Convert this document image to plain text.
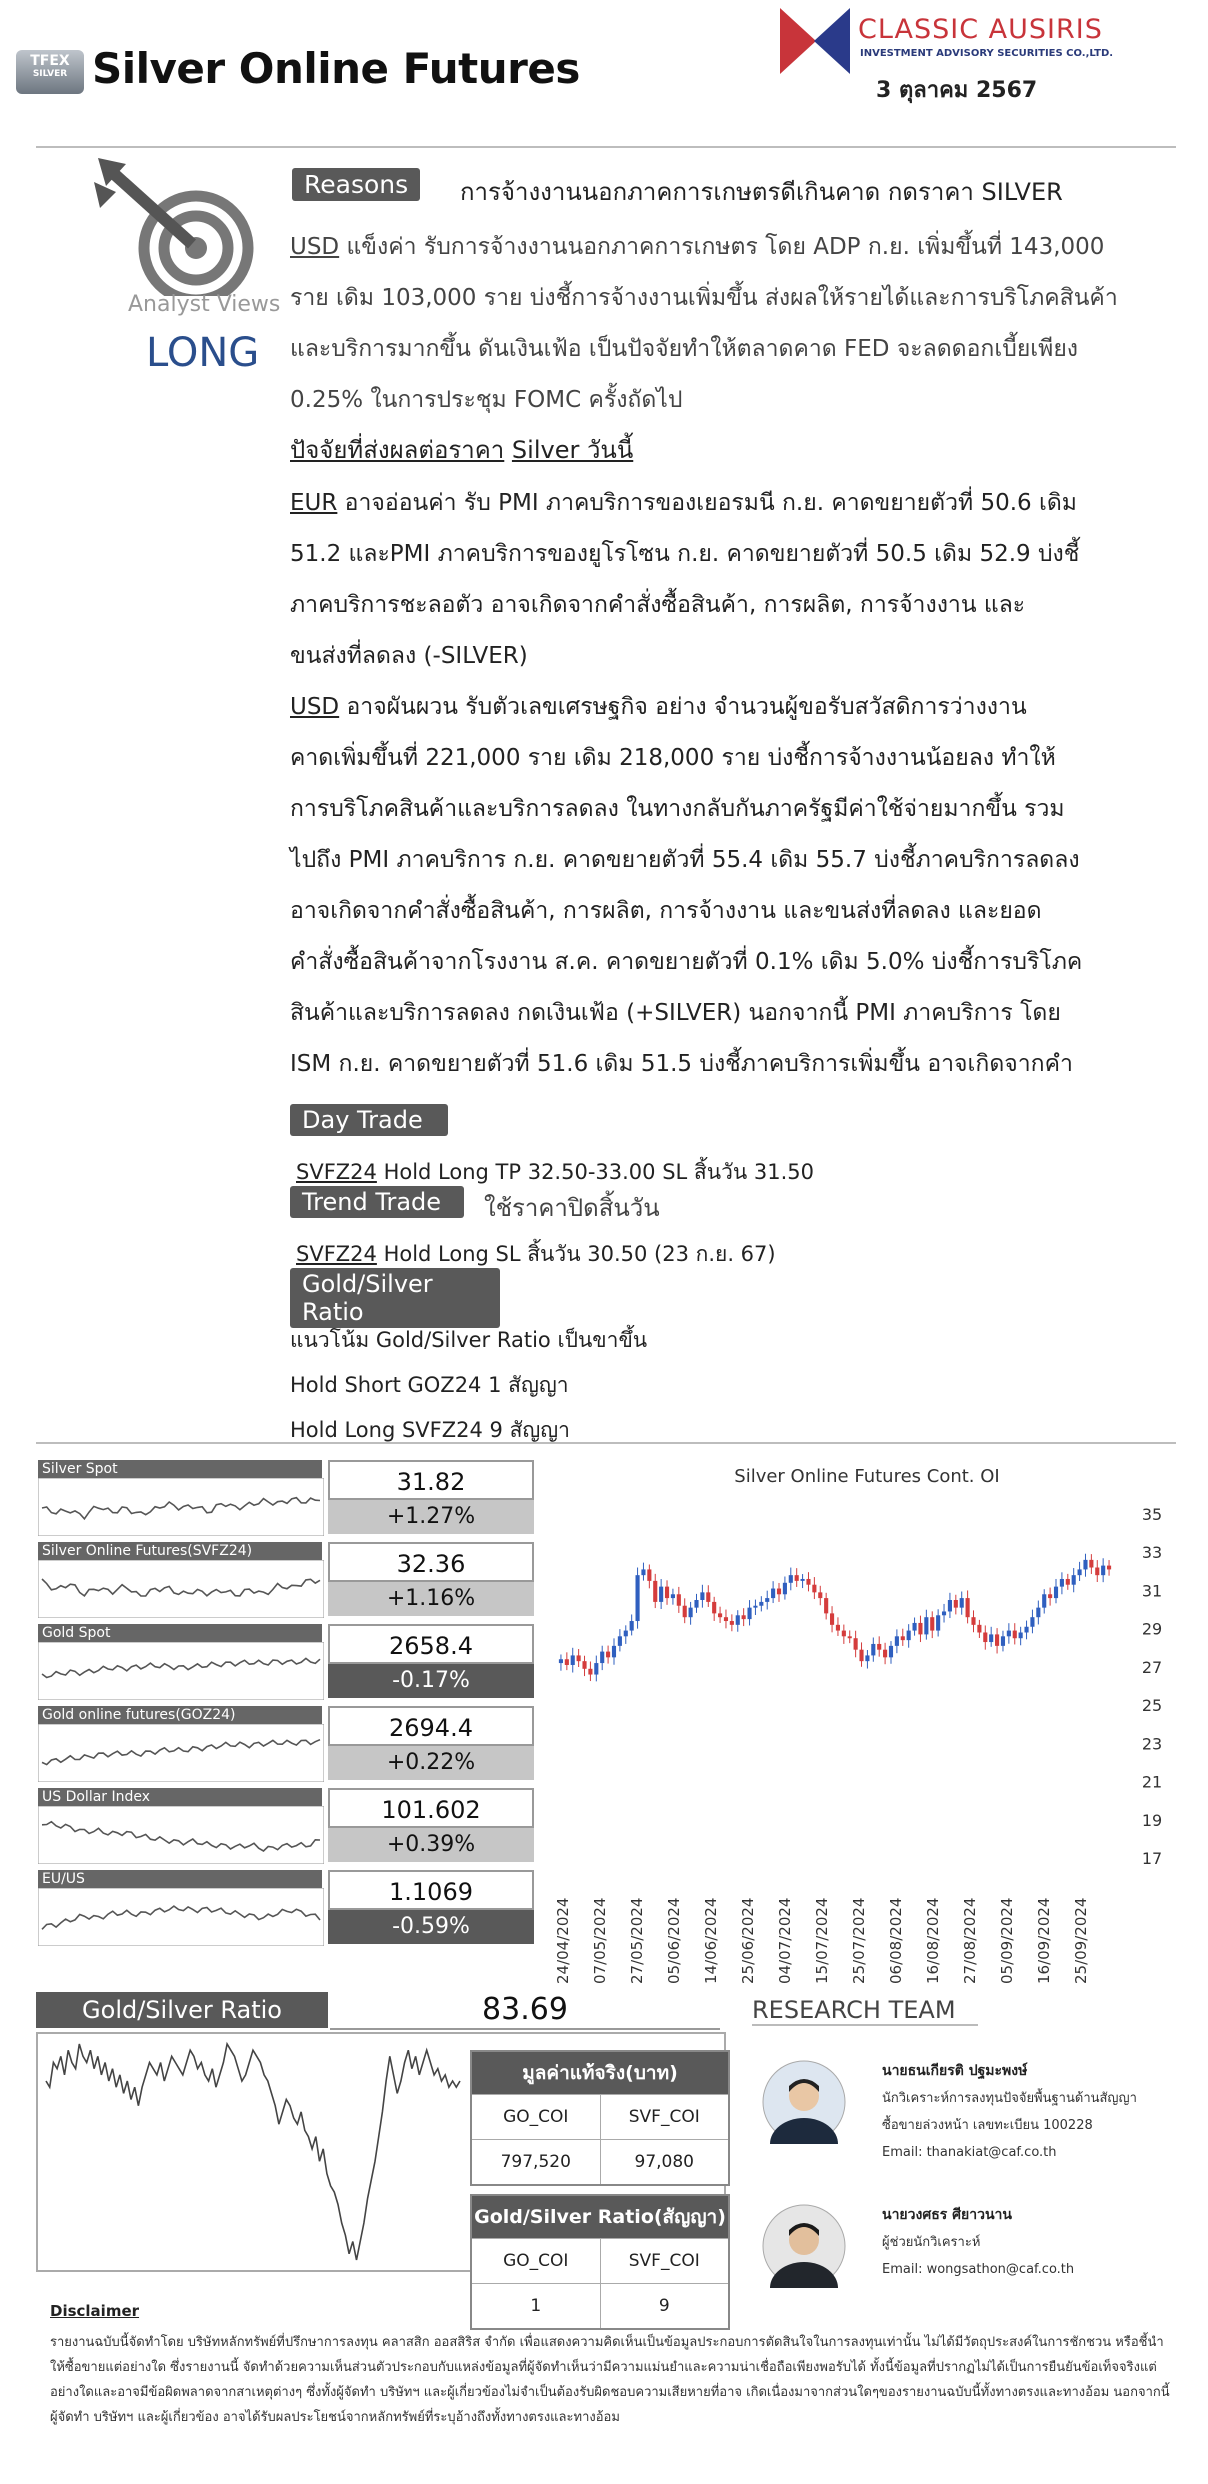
TFEX
SILVER Silver Online Futures
CLASSIC AUSIRIS
INVESTMENT ADVISORY SECURITIES CO.,LTD.
3 ตุลาคม 2567
Analyst Views
LONG
Reasons	การจ้างงานนอกภาคการเกษตรดีเกินคาด กดราคา SILVER
USD แข็งค่า รับการจ้างงานนอกภาคการเกษตร โดย ADP ก.ย. เพิ่มขึ้นที่ 143,000
ราย เดิม 103,000 ราย บ่งชี้การจ้างงานเพิ่มขึ้น ส่งผลให้รายได้และการบริโภคสินค้า
และบริการมากขึ้น ดันเงินเฟ้อ เป็นปัจจัยทำให้ตลาดคาด FED จะลดดอกเบี้ยเพียง
0.25% ในการประชุม FOMC ครั้งถัดไป
ปัจจัยที่ส่งผลต่อราคา Silver วันนี้
EUR อาจอ่อนค่า รับ PMI ภาคบริการของเยอรมนี ก.ย. คาดขยายตัวที่ 50.6 เดิม
51.2 และPMI ภาคบริการของยูโรโซน ก.ย. คาดขยายตัวที่ 50.5 เดิม 52.9 บ่งชี้
ภาคบริการชะลอตัว อาจเกิดจากคำสั่งซื้อสินค้า, การผลิต, การจ้างงาน และ
ขนส่งที่ลดลง (-SILVER)
USD อาจผันผวน รับตัวเลขเศรษฐกิจ อย่าง จำนวนผู้ขอรับสวัสดิการว่างงาน
คาดเพิ่มขึ้นที่ 221,000 ราย เดิม 218,000 ราย บ่งชี้การจ้างงานน้อยลง ทำให้
การบริโภคสินค้าและบริการลดลง ในทางกลับกันภาครัฐมีค่าใช้จ่ายมากขึ้น รวม
ไปถึง PMI ภาคบริการ ก.ย. คาดขยายตัวที่ 55.4 เดิม 55.7 บ่งชี้ภาคบริการลดลง
อาจเกิดจากคำสั่งซื้อสินค้า, การผลิต, การจ้างงาน และขนส่งที่ลดลง และยอด
คำสั่งซื้อสินค้าจากโรงงาน ส.ค. คาดขยายตัวที่ 0.1% เดิม 5.0% บ่งชี้การบริโภค
สินค้าและบริการลดลง กดเงินเฟ้อ (+SILVER) นอกจากนี้ PMI ภาคบริการ โดย
ISM ก.ย. คาดขยายตัวที่ 51.6 เดิม 51.5 บ่งชี้ภาคบริการเพิ่มขึ้น อาจเกิดจากคำ
Day Trade
SVFZ24 Hold Long TP 32.50-33.00 SL สิ้นวัน 31.50
Trend Trade	ใช้ราคาปิดสิ้นวัน
SVFZ24 Hold Long SL สิ้นวัน 30.50 (23 ก.ย. 67)
Gold/Silver Ratio
แนวโน้ม Gold/Silver Ratio เป็นขาขึ้น
Hold Short GOZ24 1 สัญญา
Hold Long SVFZ24 9 สัญญา
Silver Spot	31.82
+1.27%
Silver Online Futures(SVFZ24)	32.36
+1.16%
Gold Spot	2658.4
-0.17%
Gold online futures(GOZ24)	2694.4
+0.22%
US Dollar Index	101.602
+0.39%
EU/US	1.1069
-0.59%
Silver Online Futures Cont. OI
17
19
21
23
25
27
29
31
33
35
24/04/2024 07/05/2024 27/05/2024 05/06/2024 14/06/2024 25/06/2024 04/07/2024 15/07/2024 25/07/2024 06/08/2024 16/08/2024 27/08/2024 05/09/2024 16/09/2024 25/09/2024
Gold/Silver Ratio	83.69
มูลค่าแท้จริง(บาท)
GO_COI	SVF_COI
797,520	97,080
Gold/Silver Ratio(สัญญา)
GO_COI	SVF_COI
1	9
RESEARCH TEAM
นายธนเกียรติ ปฐมะพงษ์
นักวิเคราะห์การลงทุนปัจจัยพื้นฐานด้านสัญญา
ซื้อขายล่วงหน้า เลขทะเบียน 100228
Email: thanakiat@caf.co.th
นายวงศธร ศียาวนาน
ผู้ช่วยนักวิเคราะห์
Email: wongsathon@caf.co.th
Disclaimer
รายงานฉบับนี้จัดทำโดย บริษัทหลักทรัพย์ที่ปรึกษาการลงทุน คลาสสิก ออสสิริส จำกัด เพื่อแสดงความคิดเห็นเป็นข้อมูลประกอบการตัดสินใจในการลงทุนเท่านั้น ไม่ได้มีวัตถุประสงค์ในการชักชวน หรือชี้นำให้ซื้อขายแต่อย่างใด ซึ่งรายงานนี้ จัดทำด้วยความเห็นส่วนตัวประกอบกับแหล่งข้อมูลที่ผู้จัดทำเห็นว่ามีความแม่นยำและความน่าเชื่อถือเพียงพอรับได้ ทั้งนี้ข้อมูลที่ปรากฏไม่ได้เป็นการยืนยันข้อเท็จจริงแต่อย่างใดและอาจมีข้อผิดพลาดจากสาเหตุต่างๆ ซึ่งทั้งผู้จัดทำ บริษัทฯ และผู้เกี่ยวข้องไม่จำเป็นต้องรับผิดชอบความเสียหายที่อาจ เกิดเนื่องมาจากส่วนใดๆของรายงานฉบับนี้ทั้งทางตรงและทางอ้อม นอกจากนี้ผู้จัดทำ บริษัทฯ และผู้เกี่ยวข้อง อาจได้รับผลประโยชน์จากหลักทรัพย์ที่ระบุอ้างถึงทั้งทางตรงและทางอ้อม
